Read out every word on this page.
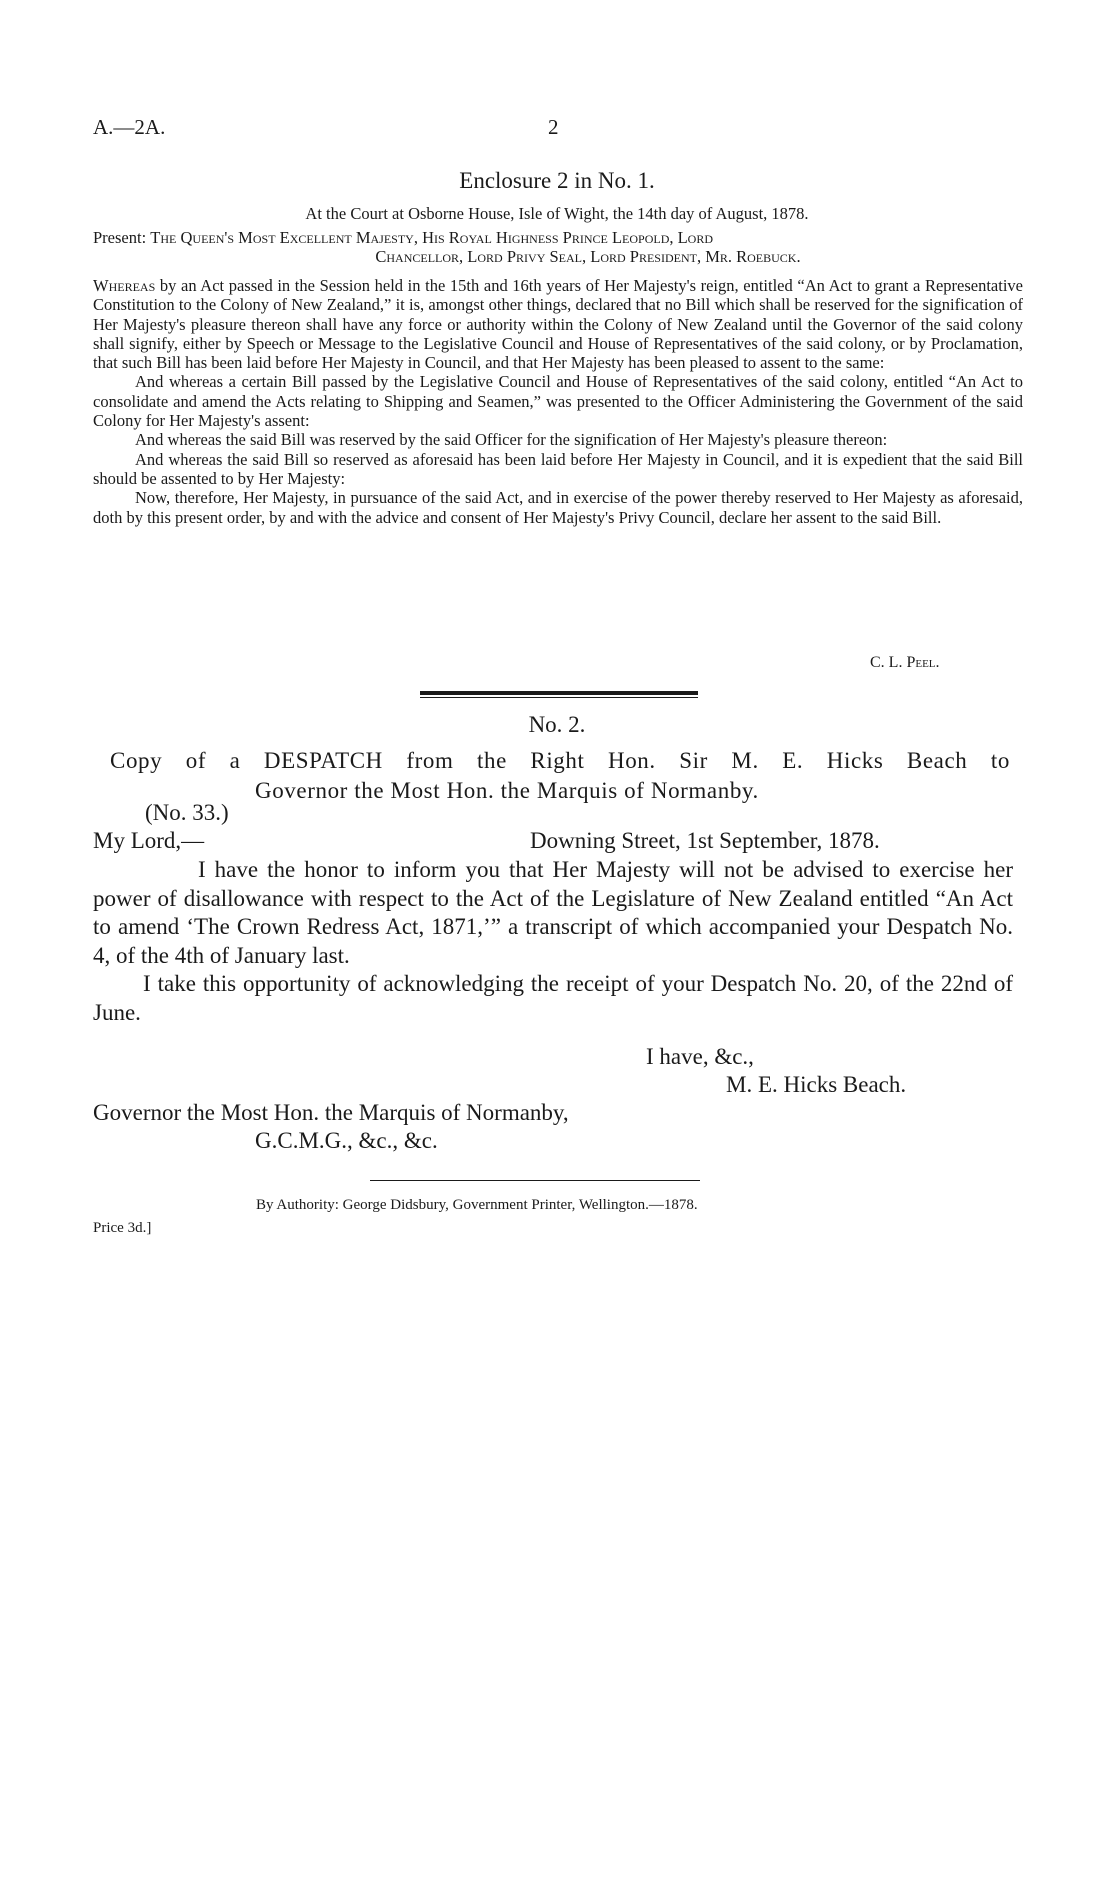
A.—2A.	2
Enclosure 2 in No. 1.
At the Court at Osborne House, Isle of Wight, the 14th day of August, 1878.
Present: The Queen's Most Excellent Majesty, His Royal Highness Prince Leopold, Lord
Chancellor, Lord Privy Seal, Lord President, Mr. Roebuck.

Whereas by an Act passed in the Session held in the 15th and 16th years of Her Majesty's reign, entitled “An Act to grant a Representative Constitution to the Colony of New Zealand,” it is, amongst other things, declared that no Bill which shall be reserved for the signification of Her Majesty's pleasure thereon shall have any force or authority within the Colony of New Zealand until the Governor of the said colony shall signify, either by Speech or Message to the Legislative Council and House of Representatives of the said colony, or by Proclamation, that such Bill has been laid before Her Majesty in Council, and that Her Majesty has been pleased to assent to the same:

And whereas a certain Bill passed by the Legislative Council and House of Representatives of the said colony, entitled “An Act to consolidate and amend the Acts relating to Shipping and Seamen,” was presented to the Officer Administering the Government of the said Colony for Her Majesty's assent:

And whereas the said Bill was reserved by the said Officer for the signification of Her Majesty's pleasure thereon:

And whereas the said Bill so reserved as aforesaid has been laid before Her Majesty in Council, and it is expedient that the said Bill should be assented to by Her Majesty:

Now, therefore, Her Majesty, in pursuance of the said Act, and in exercise of the power thereby reserved to Her Majesty as aforesaid, doth by this present order, by and with the advice and consent of Her Majesty's Privy Council, declare her assent to the said Bill.

C. L. Peel.
No. 2.
Copy of a DESPATCH from the Right Hon. Sir M. E. Hicks Beach to
Governor the Most Hon. the Marquis of Normanby.
(No. 33.)
My Lord,—	Downing Street, 1st September, 1878.

I have the honor to inform you that Her Majesty will not be advised to exercise her power of disallowance with respect to the Act of the Legislature of New Zealand entitled “An Act to amend ‘The Crown Redress Act, 1871,’” a transcript of which accompanied your Despatch No. 4, of the 4th of January last.

I take this opportunity of acknowledging the receipt of your Despatch No. 20, of the 22nd of June.

I have, &c.,
M. E. Hicks Beach.
Governor the Most Hon. the Marquis of Normanby,
G.C.M.G., &c., &c.
By Authority: George Didsbury, Government Printer, Wellington.—1878.
Price 3d.]
